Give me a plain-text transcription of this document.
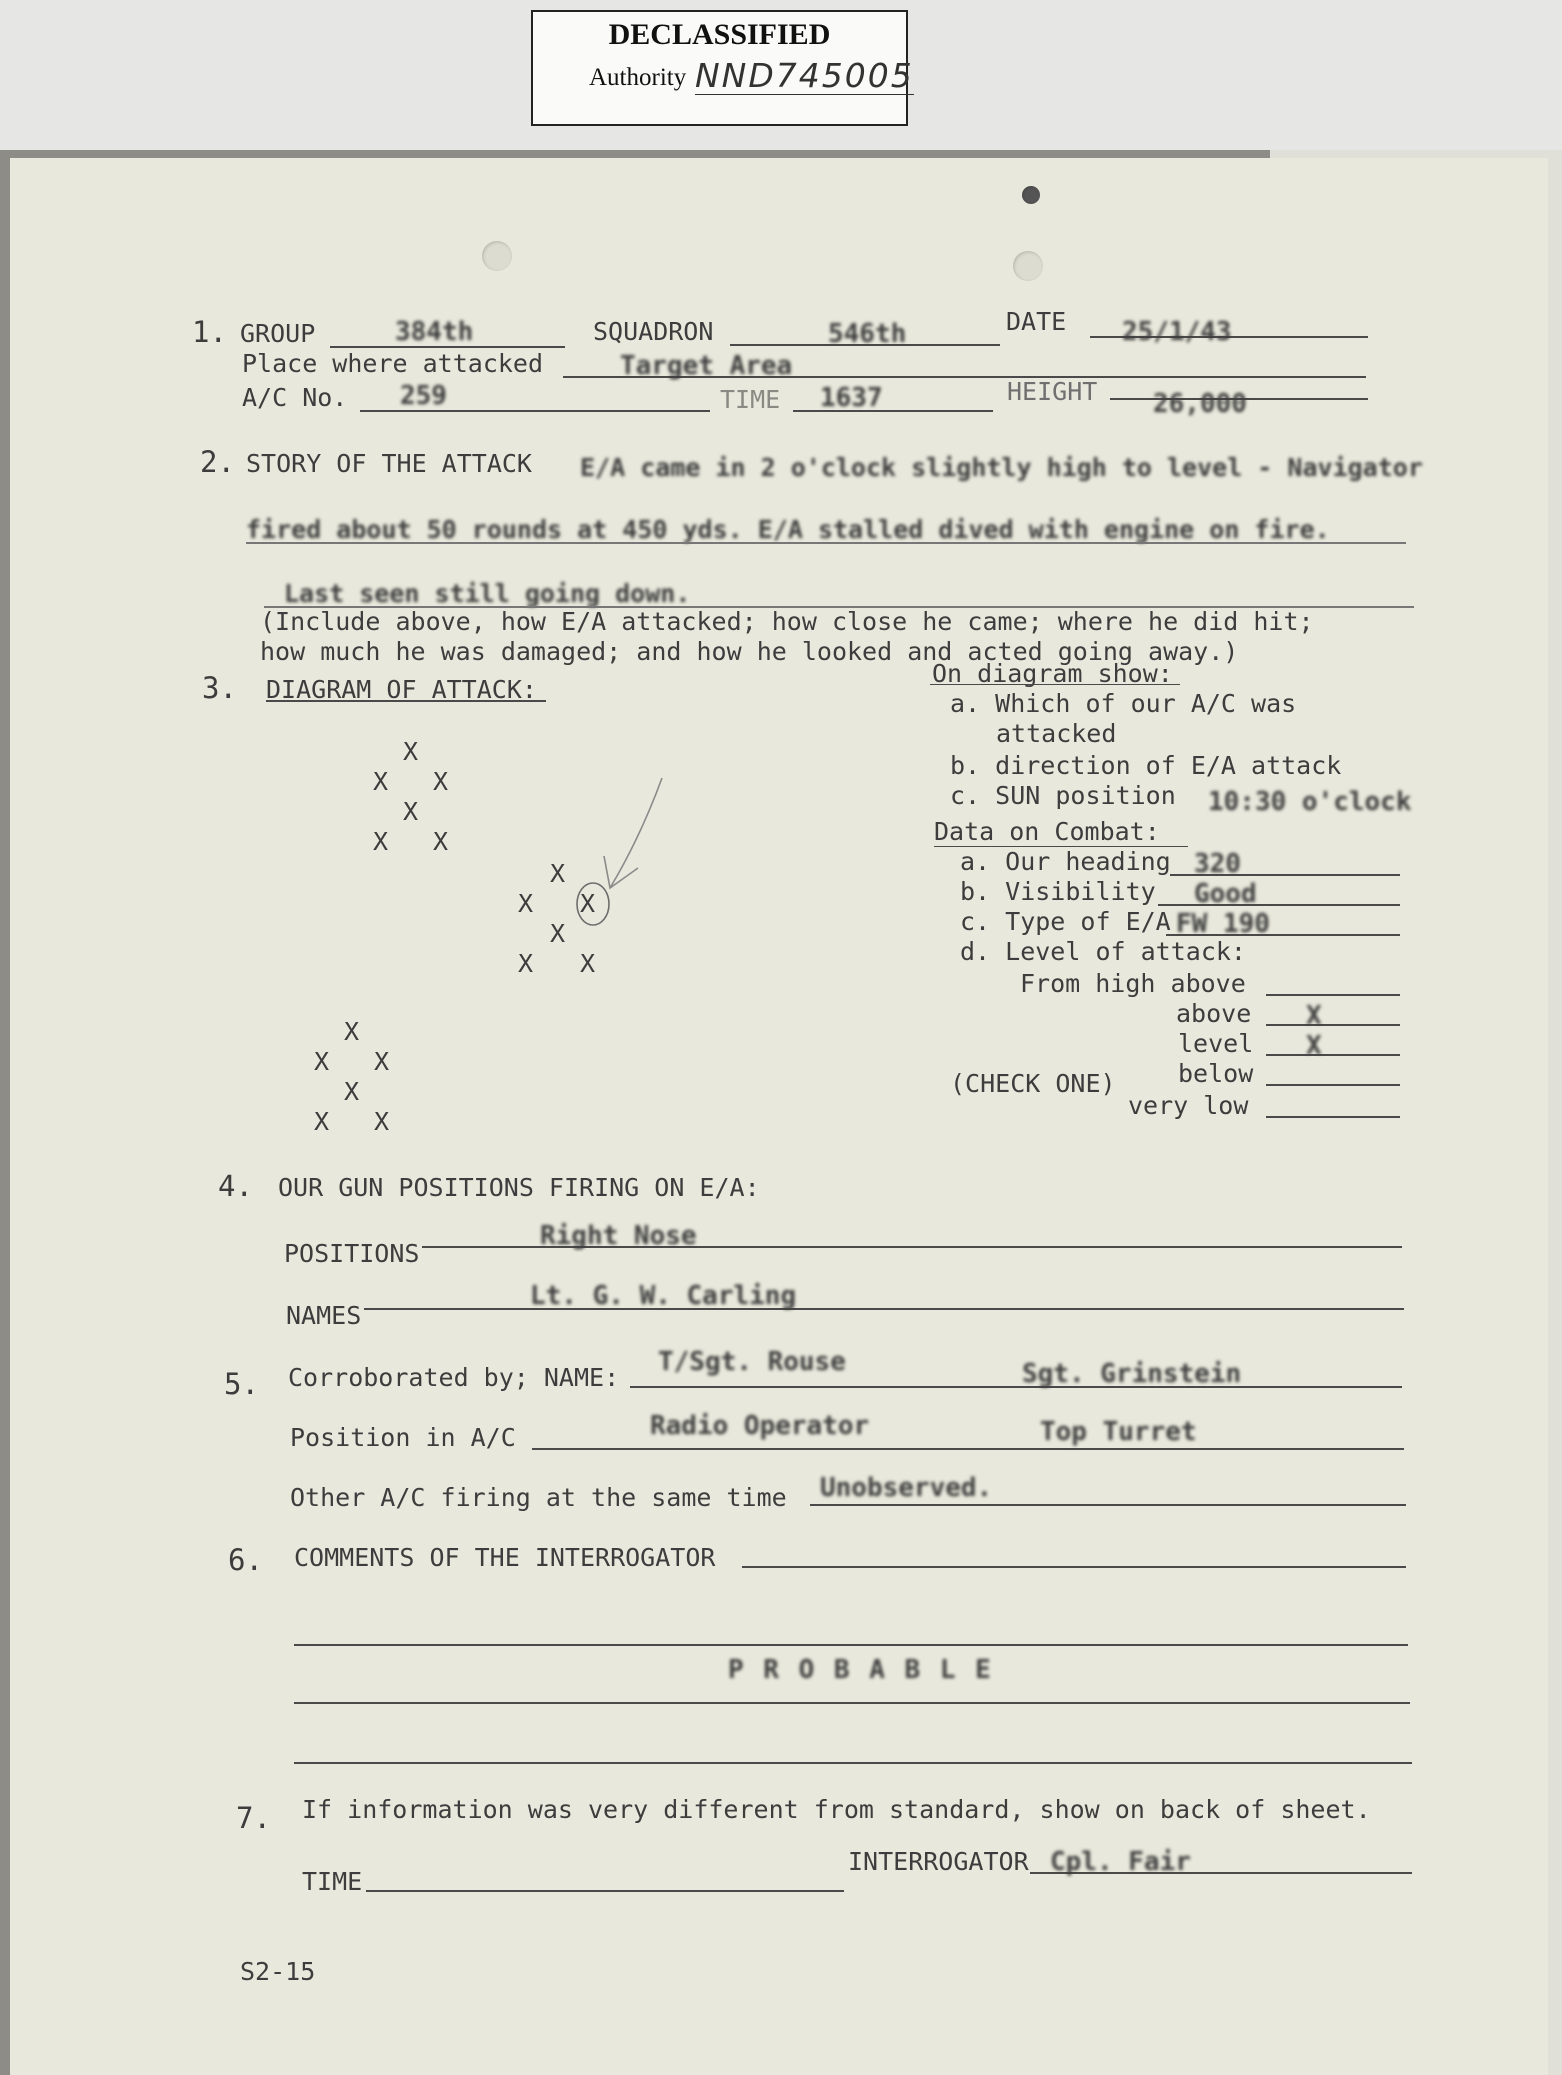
DECLASSIFIED
Authority NND745005
1. GROUP	384th	SQUADRON	546th	DATE 25/1/43
Place where attacked	Target Area
A/C No. 259	TIME 1637	HEIGHT 26,000
2. STORY OF THE ATTACK E/A came in 2 o'clock slightly high to level - Navigator
fired about 50 rounds at 450 yds. E/A stalled dived with engine on fire.
Last seen still going down.
(Include above, how E/A attacked; how close he came; where he did hit;
how much he was damaged; and how he looked and acted going away.)
3. DIAGRAM OF ATTACK:
X
X X
X
X X
X
X X
X
X X
X
X X
X
X X
On diagram show:
a. Which of our A/C was
attacked
b. direction of E/A attack
c. SUN position 10:30 o'clock
Data on Combat:
a. Our heading 320
b. Visibility Good
c. Type of E/A FW 190
d. Level of attack:
From high above
above X
level X
(CHECK ONE) below
very low
4. OUR GUN POSITIONS FIRING ON E/A:
POSITIONS
Right Nose
NAMES
Lt. G. W. Carling
5. Corroborated by; NAME:
T/Sgt. Rouse	Sgt. Grinstein
Position in A/C	Radio Operator	Top Turret
Other A/C firing at the same time Unobserved.
6. COMMENTS OF THE INTERROGATOR
P R O B A B L E
7. If information was very different from standard, show on back of sheet.
TIME
INTERROGATOR Cpl. Fair
S2-15
